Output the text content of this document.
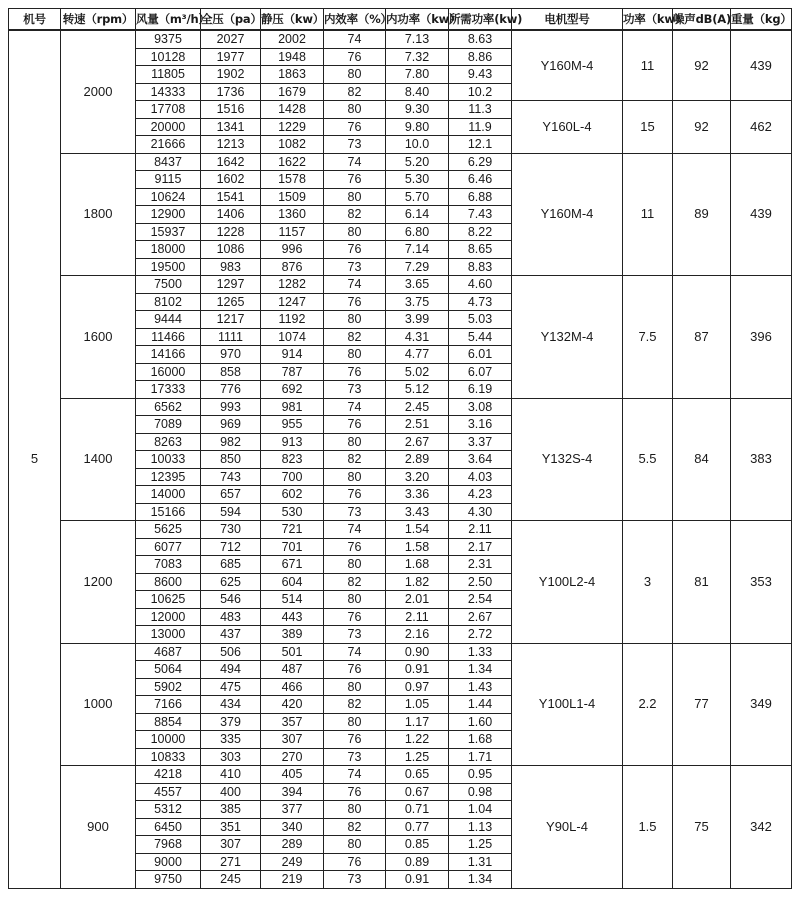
机号	转速（rpm）	风量（m³/h）	全压（pa）	静压（kw）	内效率（%）	内功率（kw）	所需功率(kw)	电机型号	功率（kw）	噪声dB(A)	重量（kg）
5	2000	9375	2027	2002	74	7.13	8.63	Y160M-4	11	92	439
		10128	1977	1948	76	7.32	8.86				
		11805	1902	1863	80	7.80	9.43				
		14333	1736	1679	82	8.40	10.2				
		17708	1516	1428	80	9.30	11.3	Y160L-4	15	92	462
		20000	1341	1229	76	9.80	11.9				
		21666	1213	1082	73	10.0	12.1				
	1800	8437	1642	1622	74	5.20	6.29	Y160M-4	11	89	439
		9115	1602	1578	76	5.30	6.46				
		10624	1541	1509	80	5.70	6.88				
		12900	1406	1360	82	6.14	7.43				
		15937	1228	1157	80	6.80	8.22				
		18000	1086	996	76	7.14	8.65				
		19500	983	876	73	7.29	8.83				
	1600	7500	1297	1282	74	3.65	4.60	Y132M-4	7.5	87	396
		8102	1265	1247	76	3.75	4.73				
		9444	1217	1192	80	3.99	5.03				
		11466	1111	1074	82	4.31	5.44				
		14166	970	914	80	4.77	6.01				
		16000	858	787	76	5.02	6.07				
		17333	776	692	73	5.12	6.19				
	1400	6562	993	981	74	2.45	3.08	Y132S-4	5.5	84	383
		7089	969	955	76	2.51	3.16				
		8263	982	913	80	2.67	3.37				
		10033	850	823	82	2.89	3.64				
		12395	743	700	80	3.20	4.03				
		14000	657	602	76	3.36	4.23				
		15166	594	530	73	3.43	4.30				
	1200	5625	730	721	74	1.54	2.11	Y100L2-4	3	81	353
		6077	712	701	76	1.58	2.17				
		7083	685	671	80	1.68	2.31				
		8600	625	604	82	1.82	2.50				
		10625	546	514	80	2.01	2.54				
		12000	483	443	76	2.11	2.67				
		13000	437	389	73	2.16	2.72				
	1000	4687	506	501	74	0.90	1.33	Y100L1-4	2.2	77	349
		5064	494	487	76	0.91	1.34				
		5902	475	466	80	0.97	1.43				
		7166	434	420	82	1.05	1.44				
		8854	379	357	80	1.17	1.60				
		10000	335	307	76	1.22	1.68				
		10833	303	270	73	1.25	1.71				
	900	4218	410	405	74	0.65	0.95	Y90L-4	1.5	75	342
		4557	400	394	76	0.67	0.98				
		5312	385	377	80	0.71	1.04				
		6450	351	340	82	0.77	1.13				
		7968	307	289	80	0.85	1.25				
		9000	271	249	76	0.89	1.31				
		9750	245	219	73	0.91	1.34				
